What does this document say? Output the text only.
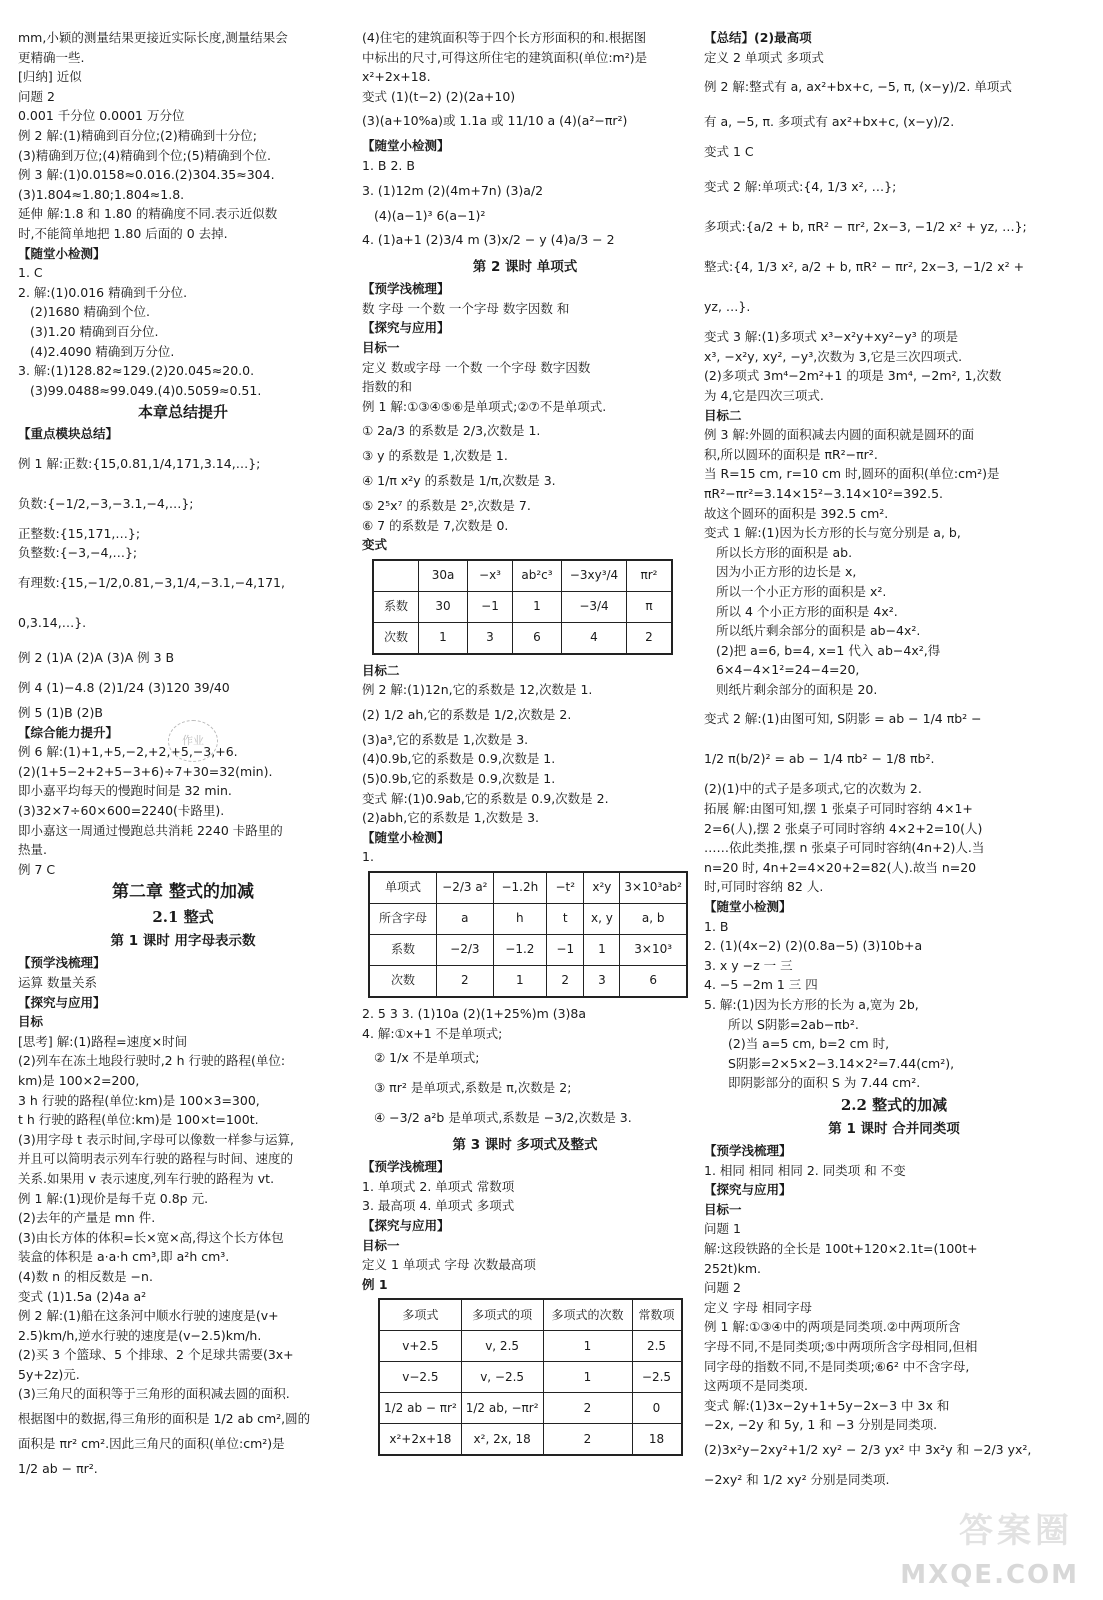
mm,小颖的测量结果更接近实际长度,测量结果会
更精确一些.
[归纳] 近似
问题 2
0.001 千分位 0.0001 万分位
例 2 解:(1)精确到百分位;(2)精确到十分位;
(3)精确到万位;(4)精确到个位;(5)精确到个位.
例 3 解:(1)0.0158≈0.016.(2)304.35≈304.
(3)1.804≈1.80;1.804≈1.8.
延伸 解:1.8 和 1.80 的精确度不同.表示近似数
时,不能简单地把 1.80 后面的 0 去掉.
【随堂小检测】
1. C
2. 解:(1)0.016 精确到千分位.
(2)1680 精确到个位.
(3)1.20 精确到百分位.
(4)2.4090 精确到万分位.
3. 解:(1)128.82≈129.(2)20.045≈20.0.
(3)99.0488≈99.049.(4)0.5059≈0.51.
本章总结提升
【重点模块总结】
例 1 解:正数:{15,0.81,1/4,171,3.14,…};
负数:{−1/2,−3,−3.1,−4,…};
正整数:{15,171,…};
负整数:{−3,−4,…};
有理数:{15,−1/2,0.81,−3,1/4,−3.1,−4,171,
0,3.14,…}.
例 2 (1)A (2)A (3)A 例 3 B
例 4 (1)−4.8 (2)1/24 (3)120 39/40
例 5 (1)B (2)B
【综合能力提升】
例 6 解:(1)+1,+5,−2,+2,+5,−3,+6.
(2)(1+5−2+2+5−3+6)÷7+30=32(min).
即小嘉平均每天的慢跑时间是 32 min.
(3)32×7÷60×600=2240(卡路里).
即小嘉这一周通过慢跑总共消耗 2240 卡路里的
热量.
例 7 C
第二章 整式的加减
2.1 整式
第 1 课时 用字母表示数
【预学浅梳理】
运算 数量关系
【探究与应用】
目标
[思考] 解:(1)路程=速度×时间
(2)列车在冻土地段行驶时,2 h 行驶的路程(单位:
km)是 100×2=200,
3 h 行驶的路程(单位:km)是 100×3=300,
t h 行驶的路程(单位:km)是 100×t=100t.
(3)用字母 t 表示时间,字母可以像数一样参与运算,
并且可以简明表示列车行驶的路程与时间、速度的
关系.如果用 v 表示速度,列车行驶的路程为 vt.
例 1 解:(1)现价是每千克 0.8p 元.
(2)去年的产量是 mn 件.
(3)由长方体的体积=长×宽×高,得这个长方体包
装盒的体积是 a·a·h cm³,即 a²h cm³.
(4)数 n 的相反数是 −n.
变式 (1)1.5a (2)4a a²
例 2 解:(1)船在这条河中顺水行驶的速度是(v+
2.5)km/h,逆水行驶的速度是(v−2.5)km/h.
(2)买 3 个篮球、5 个排球、2 个足球共需要(3x+
5y+2z)元.
(3)三角尺的面积等于三角形的面积减去圆的面积.
根据图中的数据,得三角形的面积是 1/2 ab cm²,圆的
面积是 πr² cm².因此三角尺的面积(单位:cm²)是
1/2 ab − πr².
作业
(4)住宅的建筑面积等于四个长方形面积的和.根据图
中标出的尺寸,可得这所住宅的建筑面积(单位:m²)是
x²+2x+18.
变式 (1)(t−2) (2)(2a+10)
(3)(a+10%a)或 1.1a 或 11/10 a (4)(a²−πr²)
【随堂小检测】
1. B 2. B
3. (1)12m (2)(4m+7n) (3)a/2
(4)(a−1)³ 6(a−1)²
4. (1)a+1 (2)3/4 m (3)x/2 − y (4)a/3 − 2
第 2 课时 单项式
【预学浅梳理】
数 字母 一个数 一个字母 数字因数 和
【探究与应用】
目标一
定义 数或字母 一个数 一个字母 数字因数
指数的和
例 1 解:①③④⑤⑥是单项式;②⑦不是单项式.
① 2a/3 的系数是 2/3,次数是 1.
③ y 的系数是 1,次数是 1.
④ 1/π x²y 的系数是 1/π,次数是 3.
⑤ 2⁵x⁷ 的系数是 2⁵,次数是 7.
⑥ 7 的系数是 7,次数是 0.
变式
	30a	−x³	ab²c³	−3xy³/4	πr²
系数	30	−1	1	−3/4	π
次数	1	3	6	4	2
目标二
例 2 解:(1)12n,它的系数是 12,次数是 1.
(2) 1/2 ah,它的系数是 1/2,次数是 2.
(3)a³,它的系数是 1,次数是 3.
(4)0.9b,它的系数是 0.9,次数是 1.
(5)0.9b,它的系数是 0.9,次数是 1.
变式 解:(1)0.9ab,它的系数是 0.9,次数是 2.
(2)abh,它的系数是 1,次数是 3.
【随堂小检测】
1.
单项式	−2/3 a²	−1.2h	−t²	x²y	3×10³ab²
所含字母	a	h	t	x, y	a, b
系数	−2/3	−1.2	−1	1	3×10³
次数	2	1	2	3	6
2. 5 3 3. (1)10a (2)(1+25%)m (3)8a
4. 解:①x+1 不是单项式;
② 1/x 不是单项式;
③ πr² 是单项式,系数是 π,次数是 2;
④ −3/2 a²b 是单项式,系数是 −3/2,次数是 3.
第 3 课时 多项式及整式
【预学浅梳理】
1. 单项式 2. 单项式 常数项
3. 最高项 4. 单项式 多项式
【探究与应用】
目标一
定义 1 单项式 字母 次数最高项
例 1
多项式	多项式的项	多项式的次数	常数项
v+2.5	v, 2.5	1	2.5
v−2.5	v, −2.5	1	−2.5
1/2 ab − πr²	1/2 ab, −πr²	2	0
x²+2x+18	x², 2x, 18	2	18
【总结】(2)最高项
定义 2 单项式 多项式
例 2 解:整式有 a, ax²+bx+c, −5, π, (x−y)/2. 单项式
有 a, −5, π. 多项式有 ax²+bx+c, (x−y)/2.
变式 1 C
变式 2 解:单项式:{4, 1/3 x², …};
多项式:{a/2 + b, πR² − πr², 2x−3, −1/2 x² + yz, …};
整式:{4, 1/3 x², a/2 + b, πR² − πr², 2x−3, −1/2 x² +
yz, …}.
变式 3 解:(1)多项式 x³−x²y+xy²−y³ 的项是
x³, −x²y, xy², −y³,次数为 3,它是三次四项式.
(2)多项式 3m⁴−2m²+1 的项是 3m⁴, −2m², 1,次数
为 4,它是四次三项式.
目标二
例 3 解:外圆的面积减去内圆的面积就是圆环的面
积,所以圆环的面积是 πR²−πr².
当 R=15 cm, r=10 cm 时,圆环的面积(单位:cm²)是
πR²−πr²=3.14×15²−3.14×10²=392.5.
故这个圆环的面积是 392.5 cm².
变式 1 解:(1)因为长方形的长与宽分别是 a, b,
所以长方形的面积是 ab.
因为小正方形的边长是 x,
所以一个小正方形的面积是 x².
所以 4 个小正方形的面积是 4x².
所以纸片剩余部分的面积是 ab−4x².
(2)把 a=6, b=4, x=1 代入 ab−4x²,得
6×4−4×1²=24−4=20,
则纸片剩余部分的面积是 20.
变式 2 解:(1)由图可知, S阴影 = ab − 1/4 πb² −
1/2 π(b/2)² = ab − 1/4 πb² − 1/8 πb².
(2)(1)中的式子是多项式,它的次数为 2.
拓展 解:由图可知,摆 1 张桌子可同时容纳 4×1+
2=6(人),摆 2 张桌子可同时容纳 4×2+2=10(人)
……依此类推,摆 n 张桌子可同时容纳(4n+2)人.当
n=20 时, 4n+2=4×20+2=82(人).故当 n=20
时,可同时容纳 82 人.
【随堂小检测】
1. B
2. (1)(4x−2) (2)(0.8a−5) (3)10b+a
3. x y −z 一 三
4. −5 −2m 1 三 四
5. 解:(1)因为长方形的长为 a,宽为 2b,
所以 S阴影=2ab−πb².
(2)当 a=5 cm, b=2 cm 时,
S阴影=2×5×2−3.14×2²=7.44(cm²),
即阴影部分的面积 S 为 7.44 cm².
2.2 整式的加减
第 1 课时 合并同类项
【预学浅梳理】
1. 相同 相同 相同 2. 同类项 和 不变
【探究与应用】
目标一
问题 1
解:这段铁路的全长是 100t+120×2.1t=(100t+
252t)km.
问题 2
定义 字母 相同字母
例 1 解:①③④中的两项是同类项.②中两项所含
字母不同,不是同类项;⑤中两项所含字母相同,但相
同字母的指数不同,不是同类项;⑥6² 中不含字母,
这两项不是同类项.
变式 解:(1)3x−2y+1+5y−2x−3 中 3x 和
−2x, −2y 和 5y, 1 和 −3 分别是同类项.
(2)3x²y−2xy²+1/2 xy² − 2/3 yx² 中 3x²y 和 −2/3 yx²,
−2xy² 和 1/2 xy² 分别是同类项.
答案圈
MXQE.COM
